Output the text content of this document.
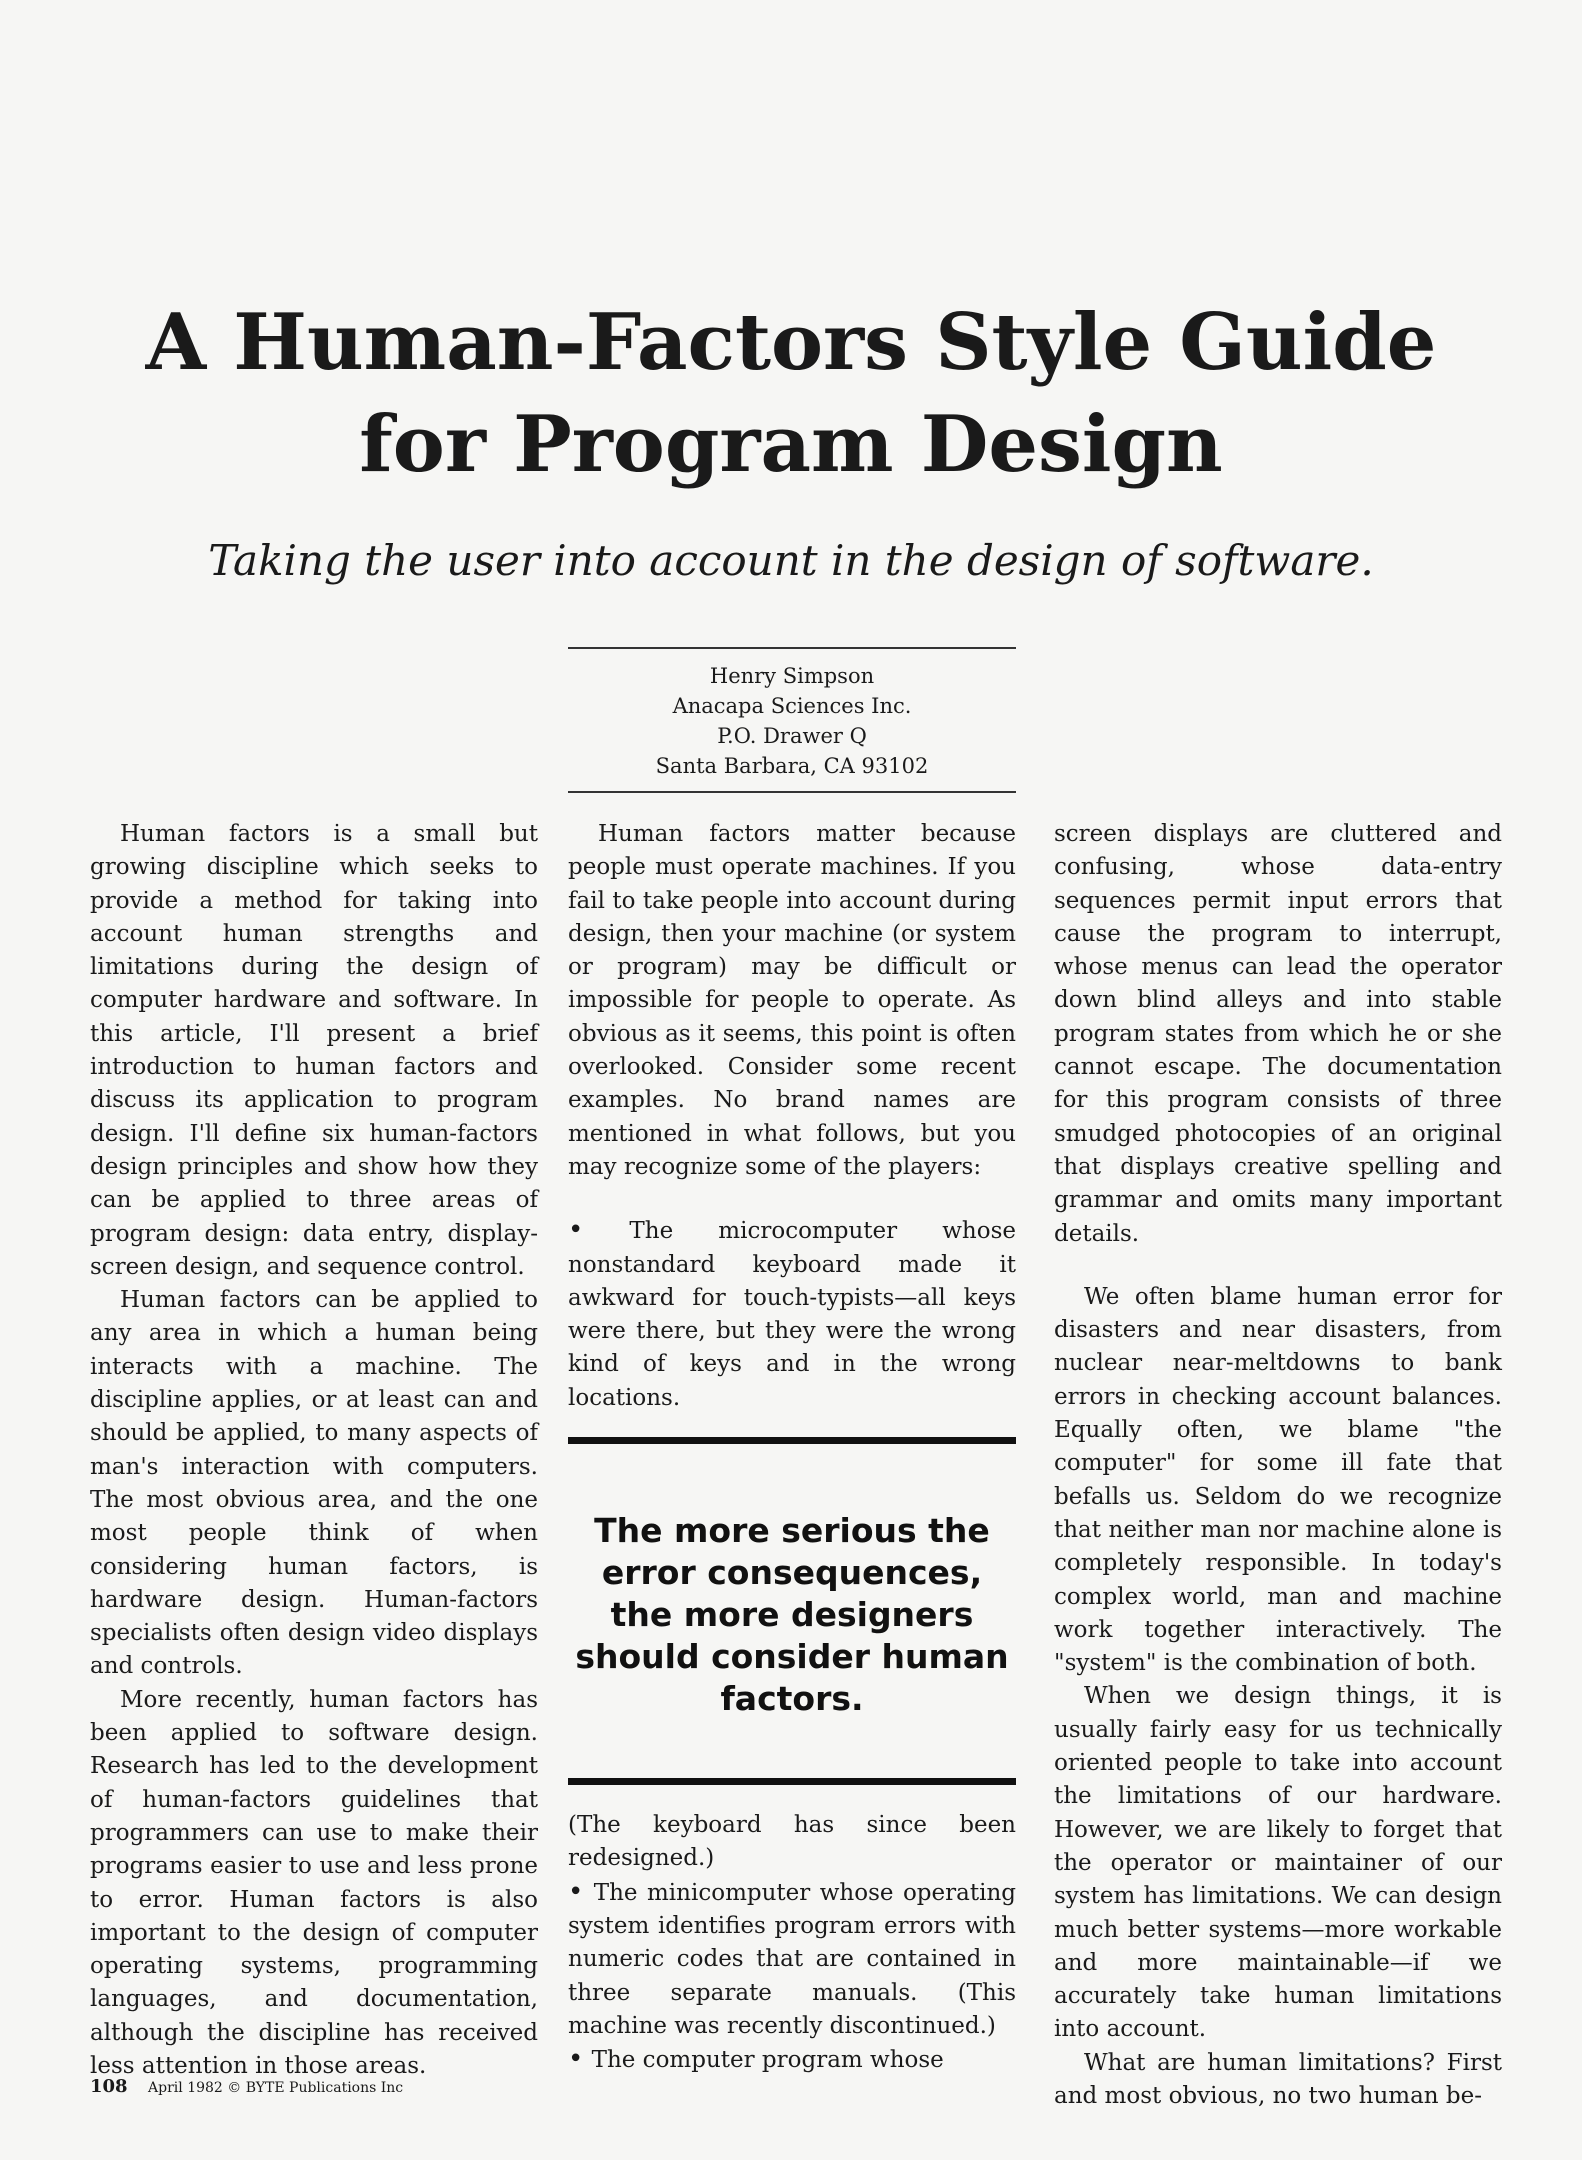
A Human-Factors Style Guide
for Program Design

Taking the user into account in the design of software.

Henry Simpson
Anacapa Sciences Inc.
P.O. Drawer Q
Santa Barbara, CA 93102

Human factors is a small but growing discipline which seeks to provide a method for taking into account human strengths and limitations during the design of computer hardware and software. In this article, I'll present a brief introduction to human factors and discuss its application to program design. I'll define six human-factors design principles and show how they can be applied to three areas of program design: data entry, display-screen design, and sequence control.

Human factors can be applied to any area in which a human being interacts with a machine. The discipline applies, or at least can and should be applied, to many aspects of man's interaction with computers. The most obvious area, and the one most people think of when considering human factors, is hardware design. Human-factors specialists often design video displays and controls.

More recently, human factors has been applied to software design. Research has led to the development of human-factors guidelines that programmers can use to make their programs easier to use and less prone to error. Human factors is also important to the design of computer operating systems, programming languages, and documentation, although the discipline has received less attention in those areas.

Human factors matter because people must operate machines. If you fail to take people into account during design, then your machine (or system or program) may be difficult or impossible for people to operate. As obvious as it seems, this point is often overlooked. Consider some recent examples. No brand names are mentioned in what follows, but you may recognize some of the players:

• The microcomputer whose nonstandard keyboard made it awkward for touch-typists—all keys were there, but they were the wrong kind of keys and in the wrong locations.

The more serious the error consequences, the more designers should consider human factors.

(The keyboard has since been redesigned.)

• The minicomputer whose operating system identifies program errors with numeric codes that are contained in three separate manuals. (This machine was recently discontinued.)

• The computer program whose

screen displays are cluttered and confusing, whose data-entry sequences permit input errors that cause the program to interrupt, whose menus can lead the operator down blind alleys and into stable program states from which he or she cannot escape. The documentation for this program consists of three smudged photocopies of an original that displays creative spelling and grammar and omits many important details.

We often blame human error for disasters and near disasters, from nuclear near-meltdowns to bank errors in checking account balances. Equally often, we blame "the computer" for some ill fate that befalls us. Seldom do we recognize that neither man nor machine alone is completely responsible. In today's complex world, man and machine work together interactively. The "system" is the combination of both.

When we design things, it is usually fairly easy for us technically oriented people to take into account the limitations of our hardware. However, we are likely to forget that the operator or maintainer of our system has limitations. We can design much better systems—more workable and more maintainable—if we accurately take human limitations into account.

What are human limitations? First and most obvious, no two human be-

108 April 1982 © BYTE Publications Inc
